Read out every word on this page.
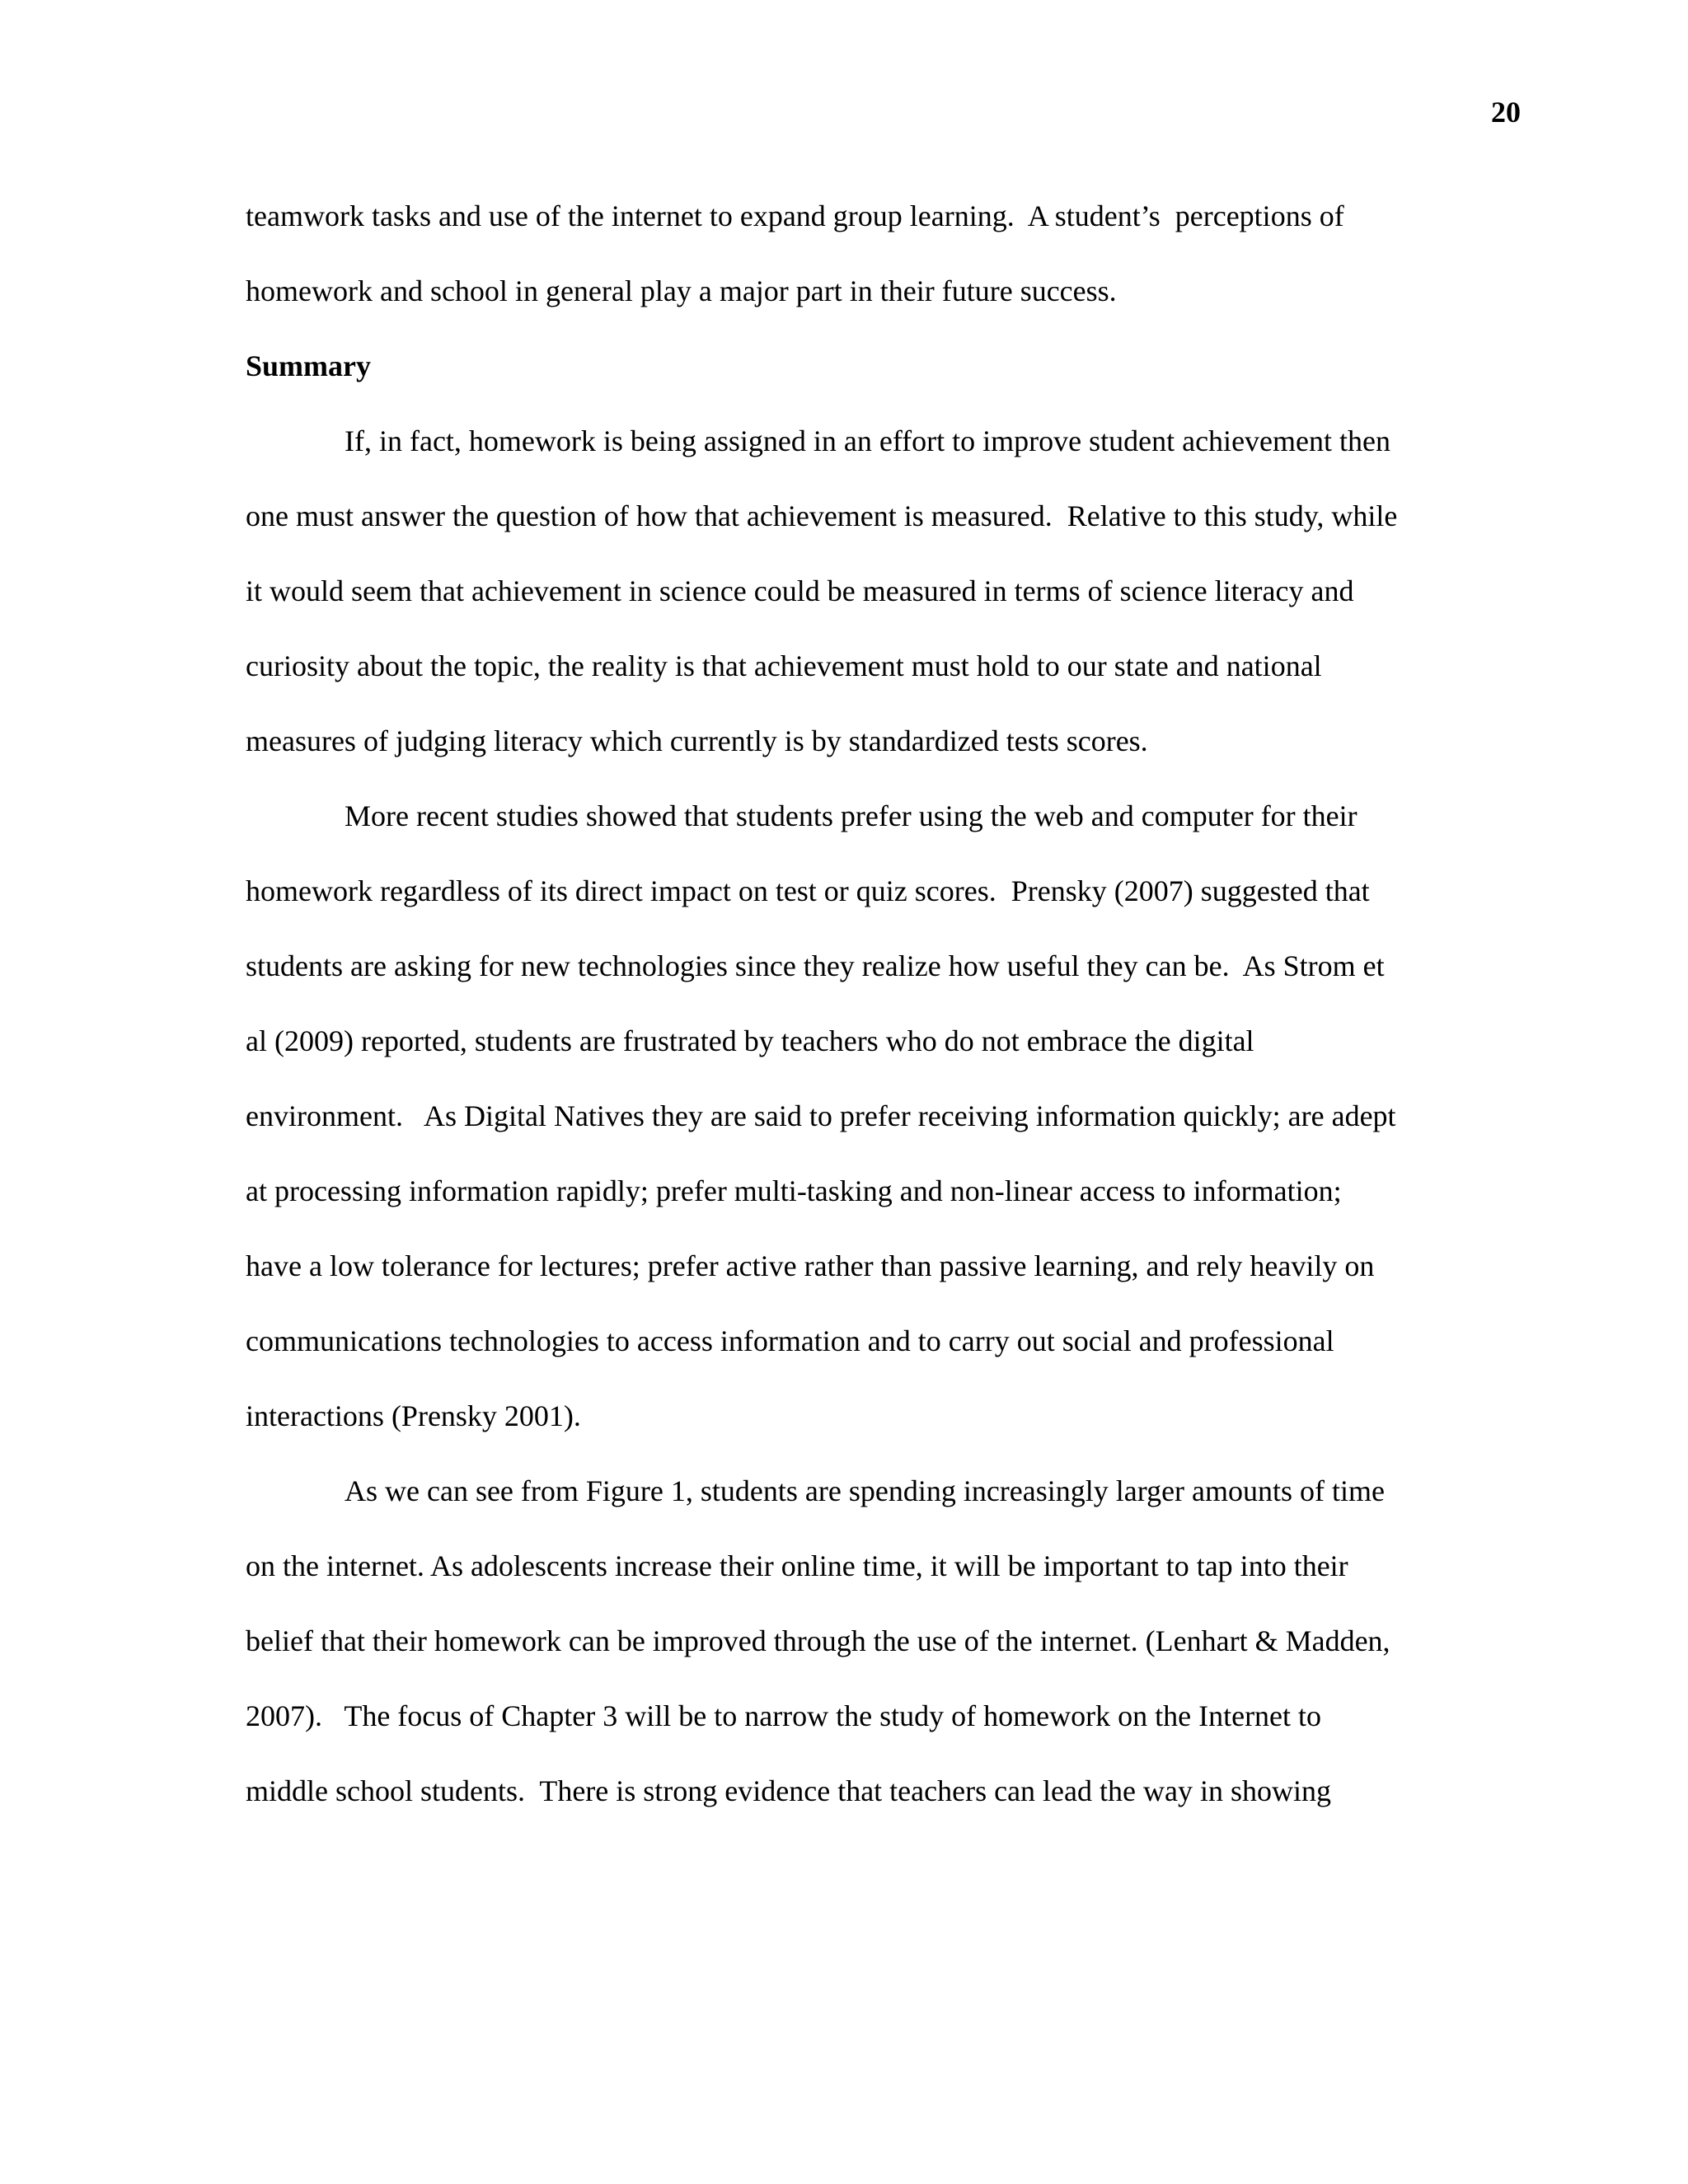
20
teamwork tasks and use of the internet to expand group learning.  A student’s  perceptions of
homework and school in general play a major part in their future success.
Summary
If, in fact, homework is being assigned in an effort to improve student achievement then
one must answer the question of how that achievement is measured.  Relative to this study, while
it would seem that achievement in science could be measured in terms of science literacy and
curiosity about the topic, the reality is that achievement must hold to our state and national
measures of judging literacy which currently is by standardized tests scores.
More recent studies showed that students prefer using the web and computer for their
homework regardless of its direct impact on test or quiz scores.  Prensky (2007) suggested that
students are asking for new technologies since they realize how useful they can be.  As Strom et
al (2009) reported, students are frustrated by teachers who do not embrace the digital
environment.   As Digital Natives they are said to prefer receiving information quickly; are adept
at processing information rapidly; prefer multi-tasking and non-linear access to information;
have a low tolerance for lectures; prefer active rather than passive learning, and rely heavily on
communications technologies to access information and to carry out social and professional
interactions (Prensky 2001).
As we can see from Figure 1, students are spending increasingly larger amounts of time
on the internet. As adolescents increase their online time, it will be important to tap into their
belief that their homework can be improved through the use of the internet. (Lenhart & Madden,
2007).   The focus of Chapter 3 will be to narrow the study of homework on the Internet to
middle school students.  There is strong evidence that teachers can lead the way in showing
